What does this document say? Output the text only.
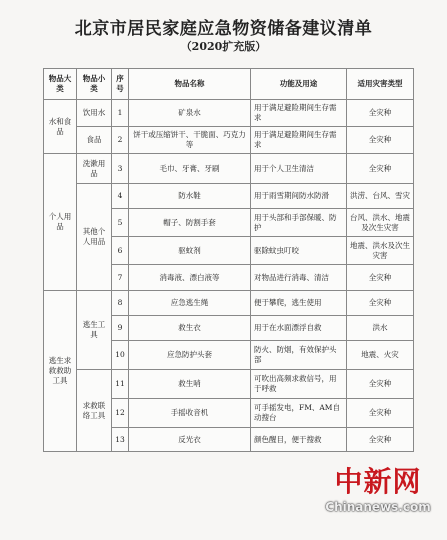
北京市居民家庭应急物资储备建议清单
（2020扩充版）
物品大类	物品小类	序号	物品名称	功能及用途	适用灾害类型
水和食品	饮用水	1	矿泉水	用于满足避险期间生存需求	全灾种
	食品	2	饼干或压缩饼干、干脆面、巧克力等	用于满足避险期间生存需求	全灾种
个人用品	洗漱用品	3	毛巾、牙膏、牙刷	用于个人卫生清洁	全灾种
	其他个人用品	4	防水鞋	用于雨雪期间防水防滑	洪涝、台风、雪灾
		5	帽子、防割手套	用于头部和手部保暖、防护	台风、洪水、地震及次生灾害
		6	驱蚊剂	驱除蚊虫叮咬	地震、洪水及次生灾害
		7	消毒液、漂白液等	对物品进行消毒、清洁	全灾种
逃生求救救助工具	逃生工具	8	应急逃生绳	便于攀爬，逃生使用	全灾种
		9	救生衣	用于在水面漂浮自救	洪水
		10	应急防护头套	防火、防烟，有效保护头部	地震、火灾
	求救联络工具	11	救生哨	可吹出高频求救信号，用于呼救	全灾种
		12	手摇收音机	可手摇发电，FM、AM自动搜台	全灾种
		13	反光衣	颜色醒目，便于搜救	全灾种
中新网
Chinanews.com
